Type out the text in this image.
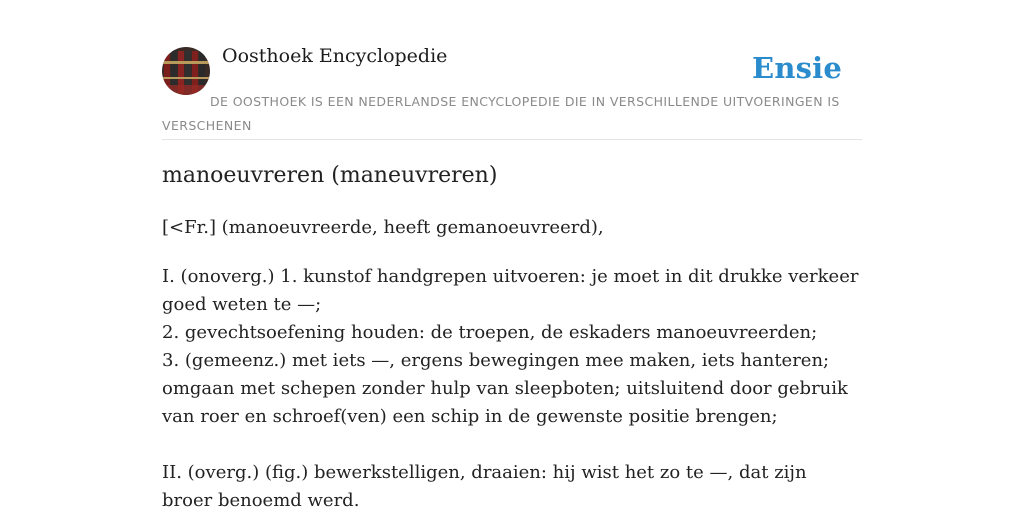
Oosthoek Encyclopedie	Ensie
DE OOSTHOEK IS EEN NEDERLANDSE ENCYCLOPEDIE DIE IN VERSCHILLENDE UITVOERINGEN IS VERSCHENEN
manoeuvreren (maneuvreren)
[<Fr.] (manoeuvreerde, heeft gemanoeuvreerd),

I. (onoverg.) 1. kunstof handgrepen uitvoeren: je moet in dit drukke verkeer goed weten te —;

2. gevechtsoefening houden: de troepen, de eskaders manoeuvreerden;

3. (gemeenz.) met iets —, ergens bewegingen mee maken, iets hanteren; omgaan met schepen zonder hulp van sleepboten; uitsluitend door gebruik van roer en schroef(ven) een schip in de gewenste positie brengen;

II. (overg.) (fig.) bewerkstelligen, draaien: hij wist het zo te —, dat zijn broer benoemd werd.
